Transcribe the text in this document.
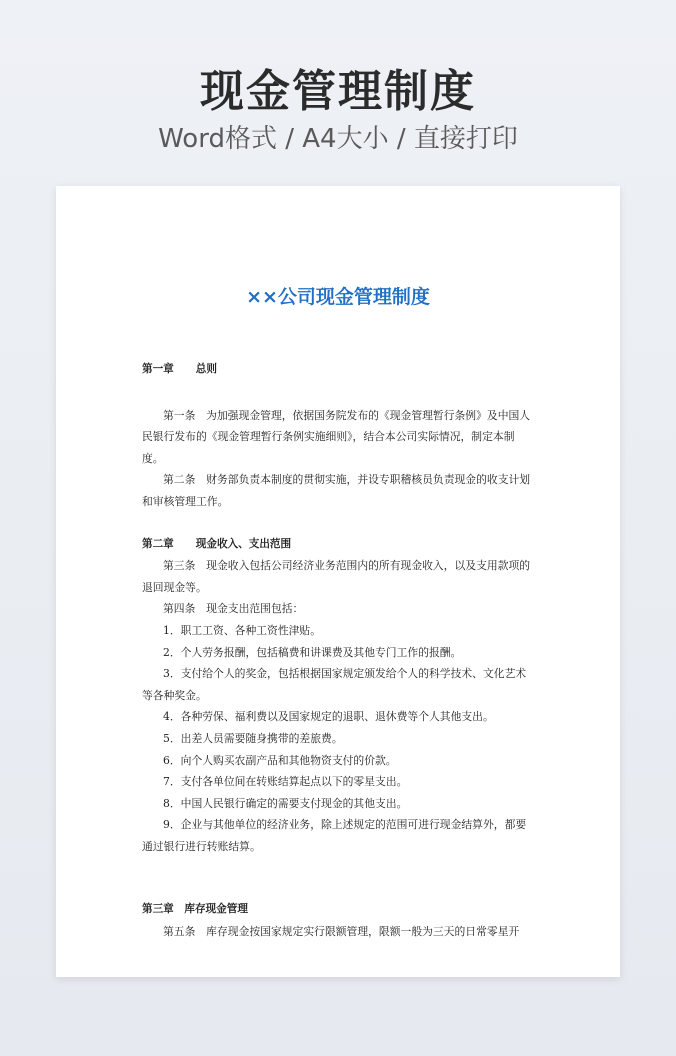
现金管理制度
Word格式 / A4大小 / 直接打印
××公司现金管理制度

第一章 总则

第一条　为加强现金管理，依据国务院发布的《现金管理暂行条例》及中国人民银行发布的《现金管理暂行条例实施细则》，结合本公司实际情况，制定本制度。

第二条　财务部负责本制度的贯彻实施，并设专职稽核员负责现金的收支计划和审核管理工作。

第二章 现金收入、支出范围

第三条　现金收入包括公司经济业务范围内的所有现金收入，以及支用款项的退回现金等。

第四条　现金支出范围包括：

1．职工工资、各种工资性津贴。

2．个人劳务报酬，包括稿费和讲课费及其他专门工作的报酬。

3．支付给个人的奖金，包括根据国家规定颁发给个人的科学技术、文化艺术等各种奖金。

4．各种劳保、福利费以及国家规定的退职、退休费等个人其他支出。

5．出差人员需要随身携带的差旅费。

6．向个人购买农副产品和其他物资支付的价款。

7．支付各单位间在转账结算起点以下的零星支出。

8．中国人民银行确定的需要支付现金的其他支出。

9．企业与其他单位的经济业务，除上述规定的范围可进行现金结算外，都要通过银行进行转账结算。

第三章　 库存现金管理

第五条　库存现金按国家规定实行限额管理，限额一般为三天的日常零星开
